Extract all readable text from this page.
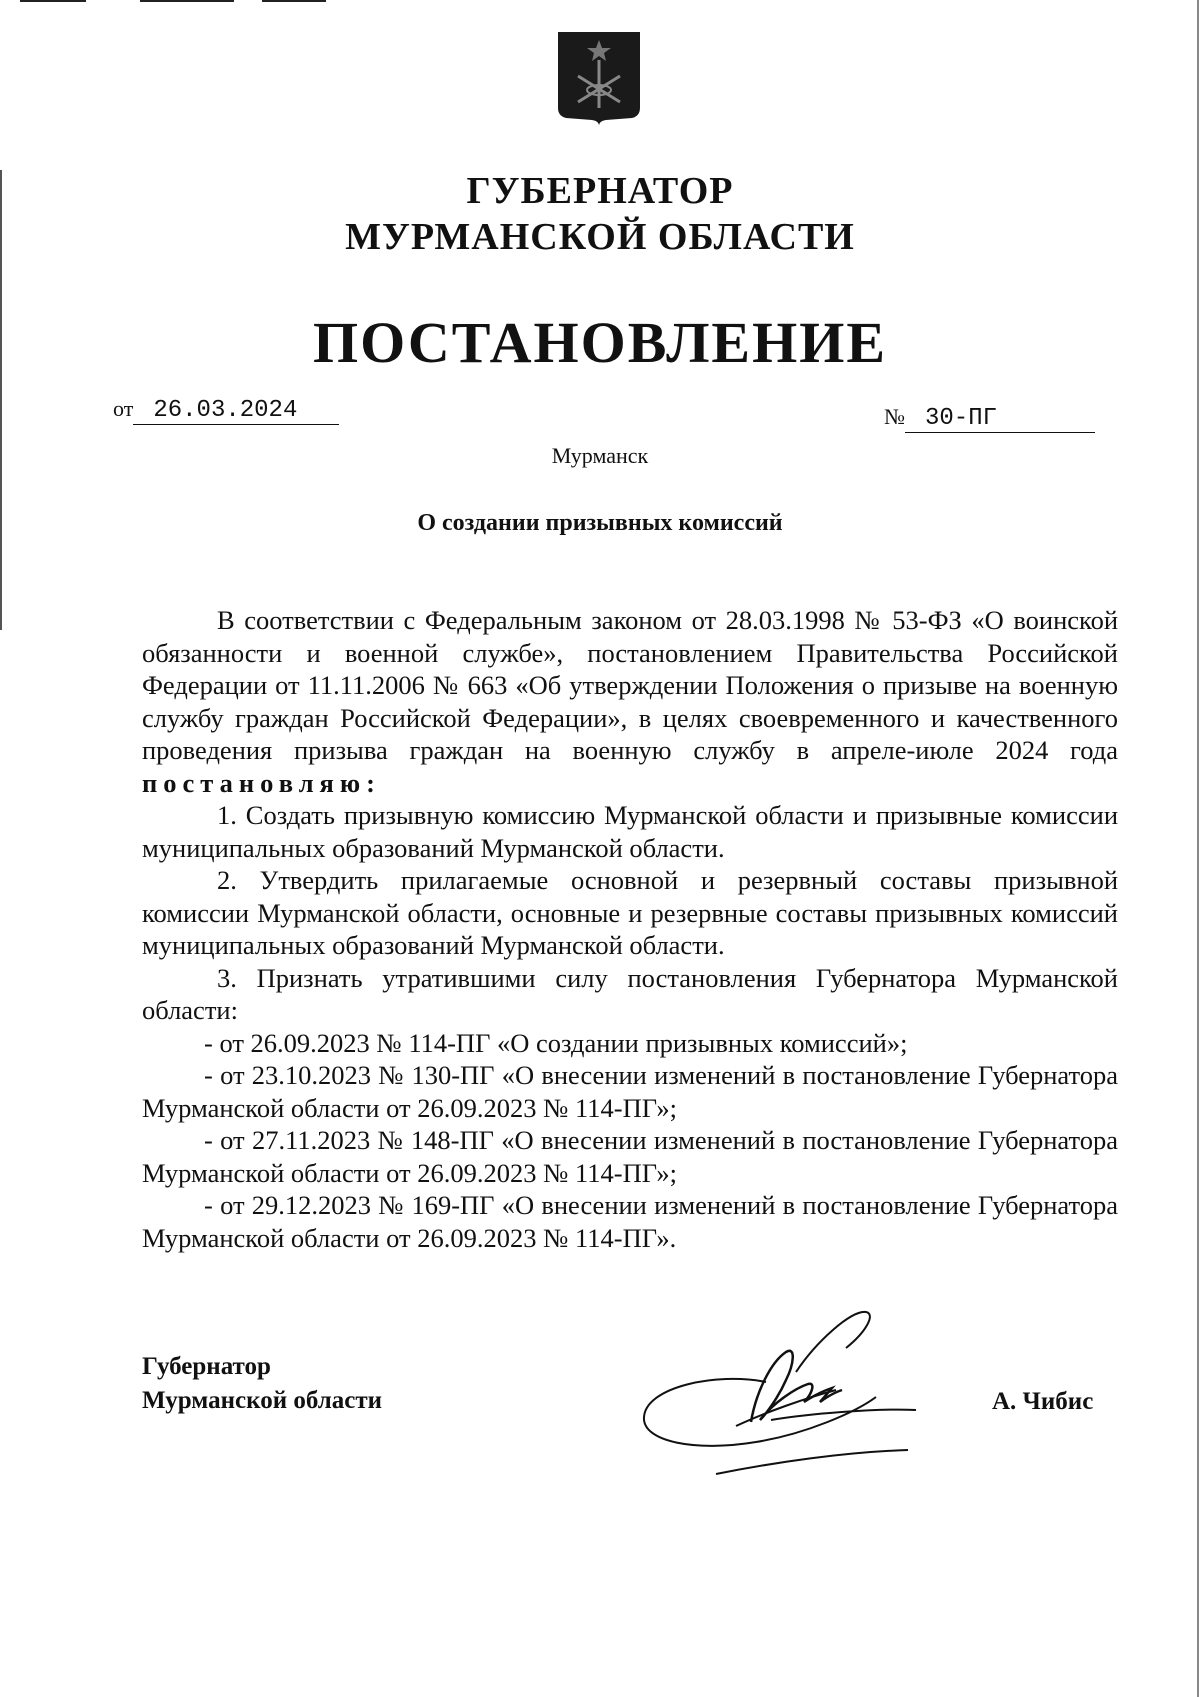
ГУБЕРНАТОР
МУРМАНСКОЙ ОБЛАСТИ
ПОСТАНОВЛЕНИЕ
от 26.03.2024	№ 30-ПГ
Мурманск
О создании призывных комиссий

В соответствии с Федеральным законом от 28.03.1998 № 53-ФЗ «О воинской обязанности и военной службе», постановлением Правительства Российской Федерации от 11.11.2006 № 663 «Об утверждении Положения о призыве на военную службу граждан Российской Федерации», в целях своевременного и качественного проведения призыва граждан на военную службу в апреле-июле 2024 года постановляю:

1. Создать призывную комиссию Мурманской области и призывные комиссии муниципальных образований Мурманской области.

2. Утвердить прилагаемые основной и резервный составы призывной комиссии Мурманской области, основные и резервные составы призывных комиссий муниципальных образований Мурманской области.

3. Признать утратившими силу постановления Губернатора Мурманской области:

- от 26.09.2023 № 114-ПГ «О создании призывных комиссий»;

- от 23.10.2023 № 130-ПГ «О внесении изменений в постановление Губернатора Мурманской области от 26.09.2023 № 114-ПГ»;

- от 27.11.2023 № 148-ПГ «О внесении изменений в постановление Губернатора Мурманской области от 26.09.2023 № 114-ПГ»;

- от 29.12.2023 № 169-ПГ «О внесении изменений в постановление Губернатора Мурманской области от 26.09.2023 № 114-ПГ».

Губернатор
Мурманской области	А. Чибис
